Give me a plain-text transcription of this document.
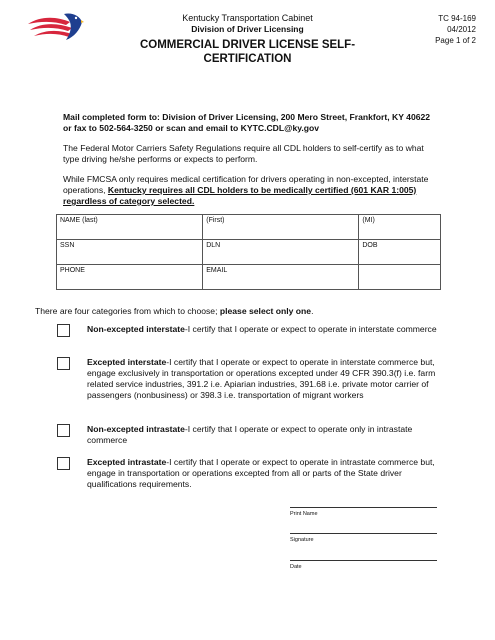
Kentucky Transportation Cabinet
Division of Driver Licensing
COMMERCIAL DRIVER LICENSE SELF-CERTIFICATION
TC 94-169
04/2012
Page 1 of 2
Mail completed form to: Division of Driver Licensing, 200 Mero Street, Frankfort, KY 40622 or fax to 502-564-3250 or scan and email to KYTC.CDL@ky.gov
The Federal Motor Carriers Safety Regulations require all CDL holders to self-certify as to what type driving he/she performs or expects to perform.
While FMCSA only requires medical certification for drivers operating in non-excepted, interstate operations, Kentucky requires all CDL holders to be medically certified (601 KAR 1:005) regardless of category selected.
NAME (last)	(First)	(MI)
SSN	DLN	DOB
PHONE	EMAIL	
There are four categories from which to choose; please select only one.
Non-excepted interstate-I certify that I operate or expect to operate in interstate commerce
Excepted interstate-I certify that I operate or expect to operate in interstate commerce but, engage exclusively in transportation or operations excepted under 49 CFR 390.3(f) i.e. farm related service industries, 391.2 i.e. Apiarian industries, 391.68 i.e. private motor carrier of passengers (nonbusiness) or 398.3 i.e. transportation of migrant workers
Non-excepted intrastate-I certify that I operate or expect to operate only in intrastate commerce
Excepted intrastate-I certify that I operate or expect to operate in intrastate commerce but, engage in transportation or operations excepted from all or parts of the State driver qualifications requirements.
Print Name
Signature
Date
